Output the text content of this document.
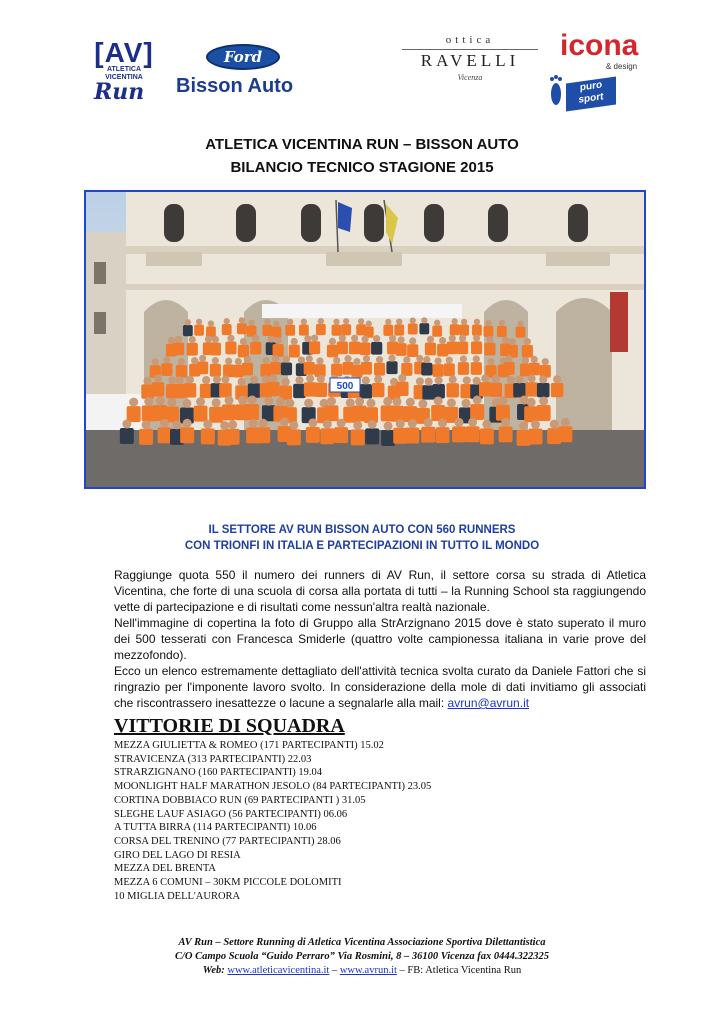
[AV]
ATLETICA
VICENTINA
Run
Ford
Bisson Auto
ottica
RAVELLI
Vicenza
icona
& design
puro
sport
ATLETICA VICENTINA RUN – BISSON AUTO
BILANCIO TECNICO STAGIONE 2015
500
IL SETTORE AV RUN BISSON AUTO CON 560 RUNNERS
CON TRIONFI IN ITALIA E PARTECIPAZIONI IN TUTTO IL MONDO

Raggiunge quota 550 il numero dei runners di AV Run, il settore corsa su strada di Atletica Vicentina, che forte di una scuola di corsa alla portata di tutti – la Running School sta raggiungendo vette di partecipazione e di risultati come nessun'altra realtà nazionale.

Nell'immagine di copertina la foto di Gruppo alla StrArzignano 2015 dove è stato superato il muro dei 500 tesserati con Francesca Smiderle (quattro volte campionessa italiana in varie prove del mezzofondo).

Ecco un elenco estremamente dettagliato dell'attività tecnica svolta curato da Daniele Fattori che si ringrazio per l'imponente lavoro svolto. In considerazione della mole di dati invitiamo gli associati che riscontrassero inesattezze o lacune a segnalarle alla mail: avrun@avrun.it

VITTORIE DI SQUADRA
MEZZA GIULIETTA & ROMEO (171 PARTECIPANTI) 15.02
STRAVICENZA (313 PARTECIPANTI) 22.03
STRARZIGNANO (160 PARTECIPANTI) 19.04
MOONLIGHT HALF MARATHON JESOLO (84 PARTECIPANTI) 23.05
CORTINA DOBBIACO RUN (69 PARTECIPANTI ) 31.05
SLEGHE LAUF ASIAGO (56 PARTECIPANTI) 06.06
A TUTTA BIRRA (114 PARTECIPANTI) 10.06
CORSA DEL TRENINO (77 PARTECIPANTI) 28.06
GIRO DEL LAGO DI RESIA
MEZZA DEL BRENTA
MEZZA 6 COMUNI – 30KM PICCOLE DOLOMITI
10 MIGLIA DELL'AURORA
AV Run – Settore Running di Atletica Vicentina Associazione Sportiva Dilettantistica
C/O Campo Scuola “Guido Perraro” Via Rosmini, 8 – 36100 Vicenza fax 0444.322325
Web: www.atleticavicentina.it – www.avrun.it – FB: Atletica Vicentina Run
